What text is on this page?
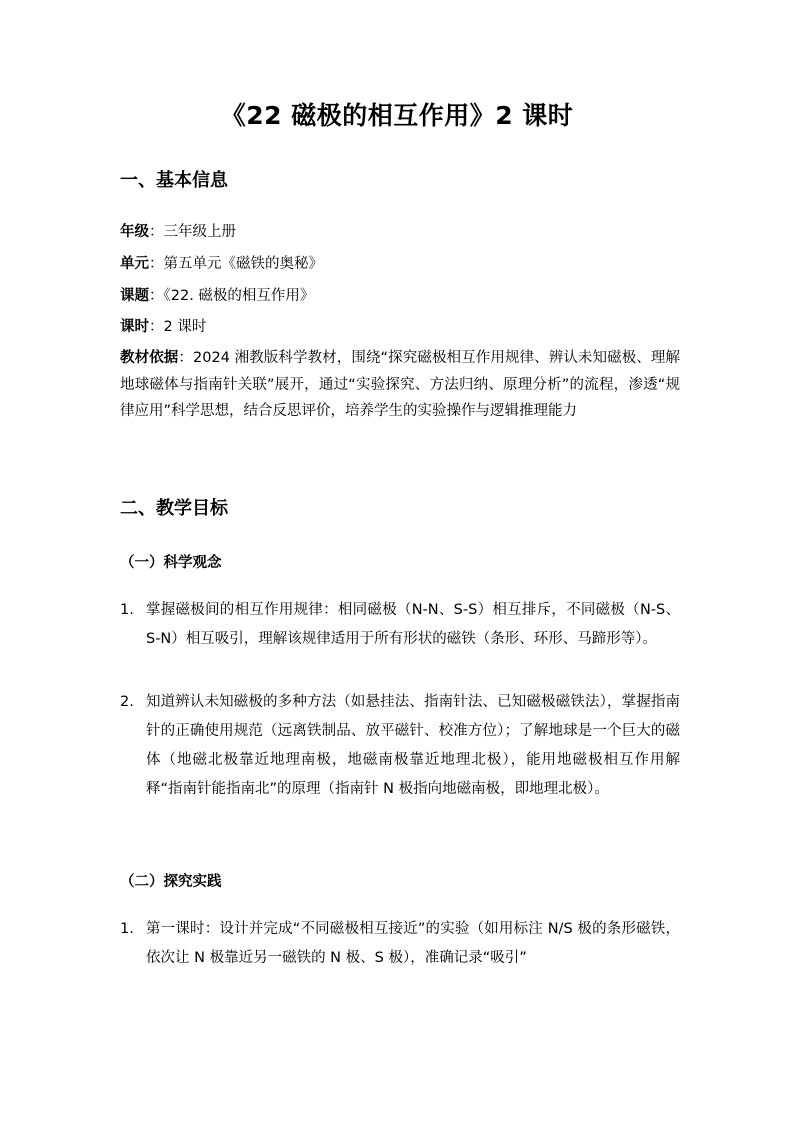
《22 磁极的相互作用》2 课时
一、基本信息
年级：三年级上册
单元：第五单元《磁铁的奥秘》
课题：《22. 磁极的相互作用》
课时：2 课时
教材依据：2024 湘教版科学教材，围绕“探究磁极相互作用规律、辨认未知磁极、理解地球磁体与指南针关联”展开，通过“实验探究、方法归纳、原理分析”的流程，渗透“规律应用”科学思想，结合反思评价，培养学生的实验操作与逻辑推理能力
二、教学目标
（一）科学观念
1. 掌握磁极间的相互作用规律：相同磁极（N-N、S-S）相互排斥，不同磁极（N-S、S-N）相互吸引，理解该规律适用于所有形状的磁铁（条形、环形、马蹄形等）。
2. 知道辨认未知磁极的多种方法（如悬挂法、指南针法、已知磁极磁铁法），掌握指南针的正确使用规范（远离铁制品、放平磁针、校准方位）；了解地球是一个巨大的磁体（地磁北极靠近地理南极，地磁南极靠近地理北极），能用地磁极相互作用解释“指南针能指南北”的原理（指南针 N 极指向地磁南极，即地理北极）。
（二）探究实践
1. 第一课时：设计并完成“不同磁极相互接近”的实验（如用标注 N/S 极的条形磁铁，依次让 N 极靠近另一磁铁的 N 极、S 极），准确记录“吸引”
